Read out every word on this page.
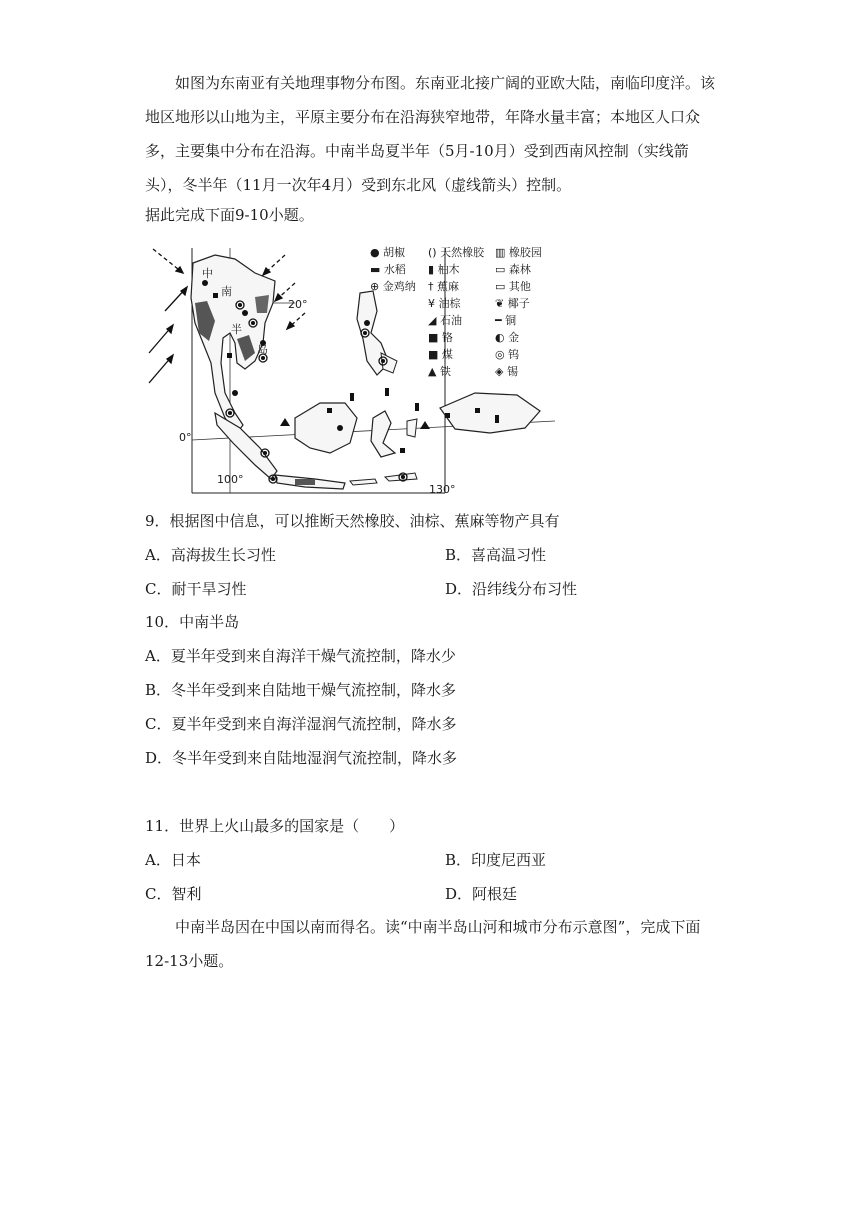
如图为东南亚有关地理事物分布图。东南亚北接广阔的亚欧大陆，南临印度洋。该地区地形以山地为主，平原主要分布在沿海狭窄地带，年降水量丰富；本地区人口众多，主要集中分布在沿海。中南半岛夏半年（5月-10月）受到西南风控制（实线箭头），冬半年（11月一次年4月）受到东北风（虚线箭头）控制。

据此完成下面9-10小题。
中
南
半
岛
20°
0°
100°
130°
● 胡椒 () 天然橡胶 ▥ 橡胶园
▬ 水稻 ▮ 柚木	▭ 森林
⊕ 金鸡纳 † 蕉麻	▭ 其他
¥ 油棕	❦ 椰子
◢ 石油	━ 铜
■ 铬	◐ 金
■ 煤	◎ 钨
▲ 铁	◈ 锡
9．根据图中信息，可以推断天然橡胶、油棕、蕉麻等物产具有
A．高海拔生长习性	B．喜高温习性
C．耐干旱习性	D．沿纬线分布习性
10．中南半岛
A．夏半年受到来自海洋干燥气流控制，降水少
B．冬半年受到来自陆地干燥气流控制，降水多
C．夏半年受到来自海洋湿润气流控制，降水多
D．冬半年受到来自陆地湿润气流控制，降水多
11．世界上火山最多的国家是（　　）
A．日本	B．印度尼西亚
C．智利	D．阿根廷

中南半岛因在中国以南而得名。读“中南半岛山河和城市分布示意图”，完成下面12-13小题。
